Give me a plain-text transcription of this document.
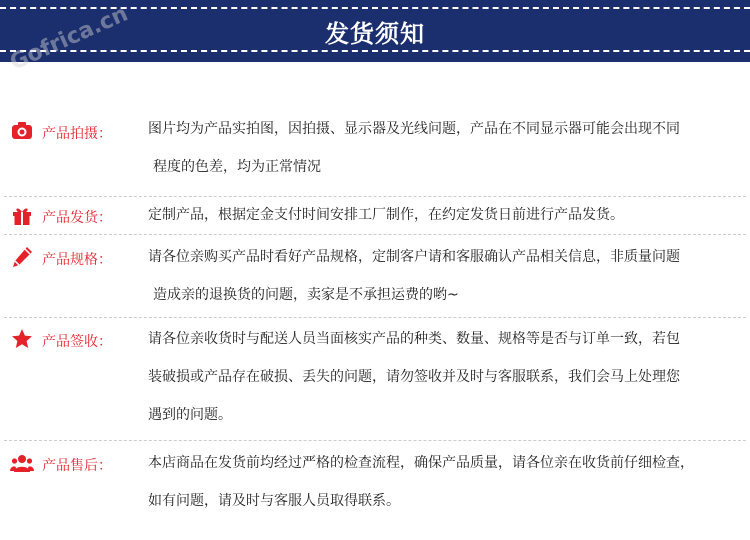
发货须知
Gofrica.cn
产品拍摄：	图片均为产品实拍图，因拍摄、显示器及光线问题，产品在不同显示器可能会出现不同
程度的色差，均为正常情况
产品发货：	定制产品，根据定金支付时间安排工厂制作，在约定发货日前进行产品发货。
产品规格：	请各位亲购买产品时看好产品规格，定制客户请和客服确认产品相关信息，非质量问题
造成亲的退换货的问题，卖家是不承担运费的哟~
产品签收：	请各位亲收货时与配送人员当面核实产品的种类、数量、规格等是否与订单一致，若包
装破损或产品存在破损、丢失的问题，请勿签收并及时与客服联系，我们会马上处理您
遇到的问题。
产品售后：	本店商品在发货前均经过严格的检查流程，确保产品质量，请各位亲在收货前仔细检查，
如有问题，请及时与客服人员取得联系。
